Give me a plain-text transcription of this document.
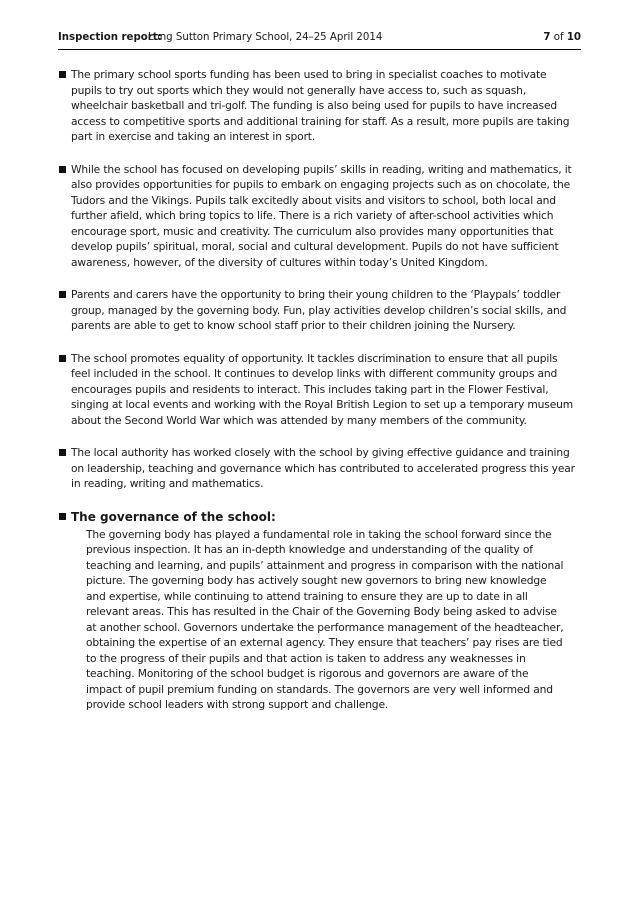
Inspection report:
Long Sutton Primary School, 24–25 April 2014	7 of 10
The primary school sports funding has been used to bring in specialist coaches to motivate pupils to try out sports which they would not generally have access to, such as squash, wheelchair basketball and tri-golf. The funding is also being used for pupils to have increased access to competitive sports and additional training for staff. As a result, more pupils are taking part in exercise and taking an interest in sport.
While the school has focused on developing pupils’ skills in reading, writing and mathematics, it also provides opportunities for pupils to embark on engaging projects such as on chocolate, the Tudors and the Vikings. Pupils talk excitedly about visits and visitors to school, both local and further afield, which bring topics to life. There is a rich variety of after-school activities which encourage sport, music and creativity. The curriculum also provides many opportunities that develop pupils’ spiritual, moral, social and cultural development. Pupils do not have sufficient awareness, however, of the diversity of cultures within today’s United Kingdom.
Parents and carers have the opportunity to bring their young children to the ‘Playpals’ toddler group, managed by the governing body. Fun, play activities develop children’s social skills, and parents are able to get to know school staff prior to their children joining the Nursery.
The school promotes equality of opportunity. It tackles discrimination to ensure that all pupils feel included in the school. It continues to develop links with different community groups and encourages pupils and residents to interact. This includes taking part in the Flower Festival, singing at local events and working with the Royal British Legion to set up a temporary museum about the Second World War which was attended by many members of the community.
The local authority has worked closely with the school by giving effective guidance and training on leadership, teaching and governance which has contributed to accelerated progress this year in reading, writing and mathematics.
The governance of the school:
The governing body has played a fundamental role in taking the school forward since the previous inspection. It has an in-depth knowledge and understanding of the quality of teaching and learning, and pupils’ attainment and progress in comparison with the national picture. The governing body has actively sought new governors to bring new knowledge and expertise, while continuing to attend training to ensure they are up to date in all relevant areas. This has resulted in the Chair of the Governing Body being asked to advise at another school. Governors undertake the performance management of the headteacher, obtaining the expertise of an external agency. They ensure that teachers’ pay rises are tied to the progress of their pupils and that action is taken to address any weaknesses in teaching. Monitoring of the school budget is rigorous and governors are aware of the impact of pupil premium funding on standards. The governors are very well informed and provide school leaders with strong support and challenge.
